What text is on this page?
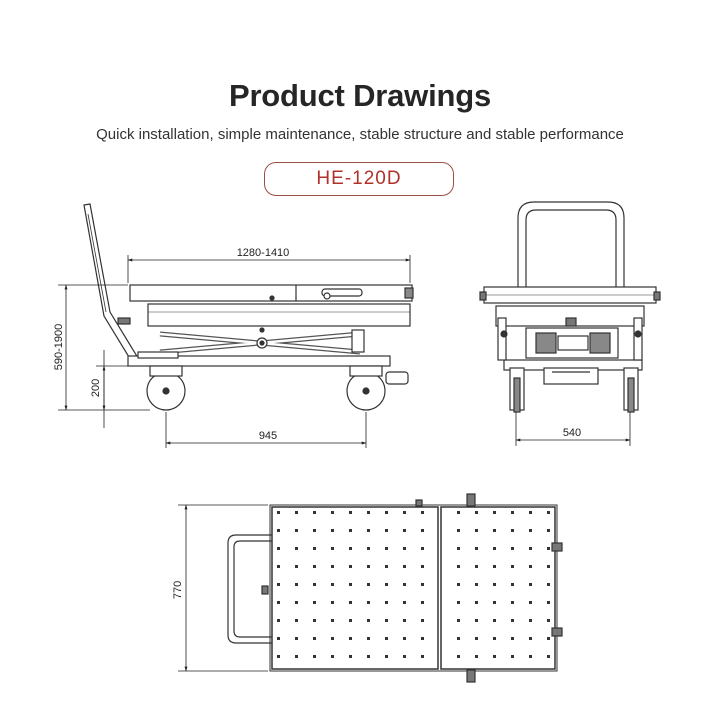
Product Drawings
Quick installation, simple maintenance, stable structure and stable performance
HE-120D
1280-1410
590-1900
200
945	540
770
